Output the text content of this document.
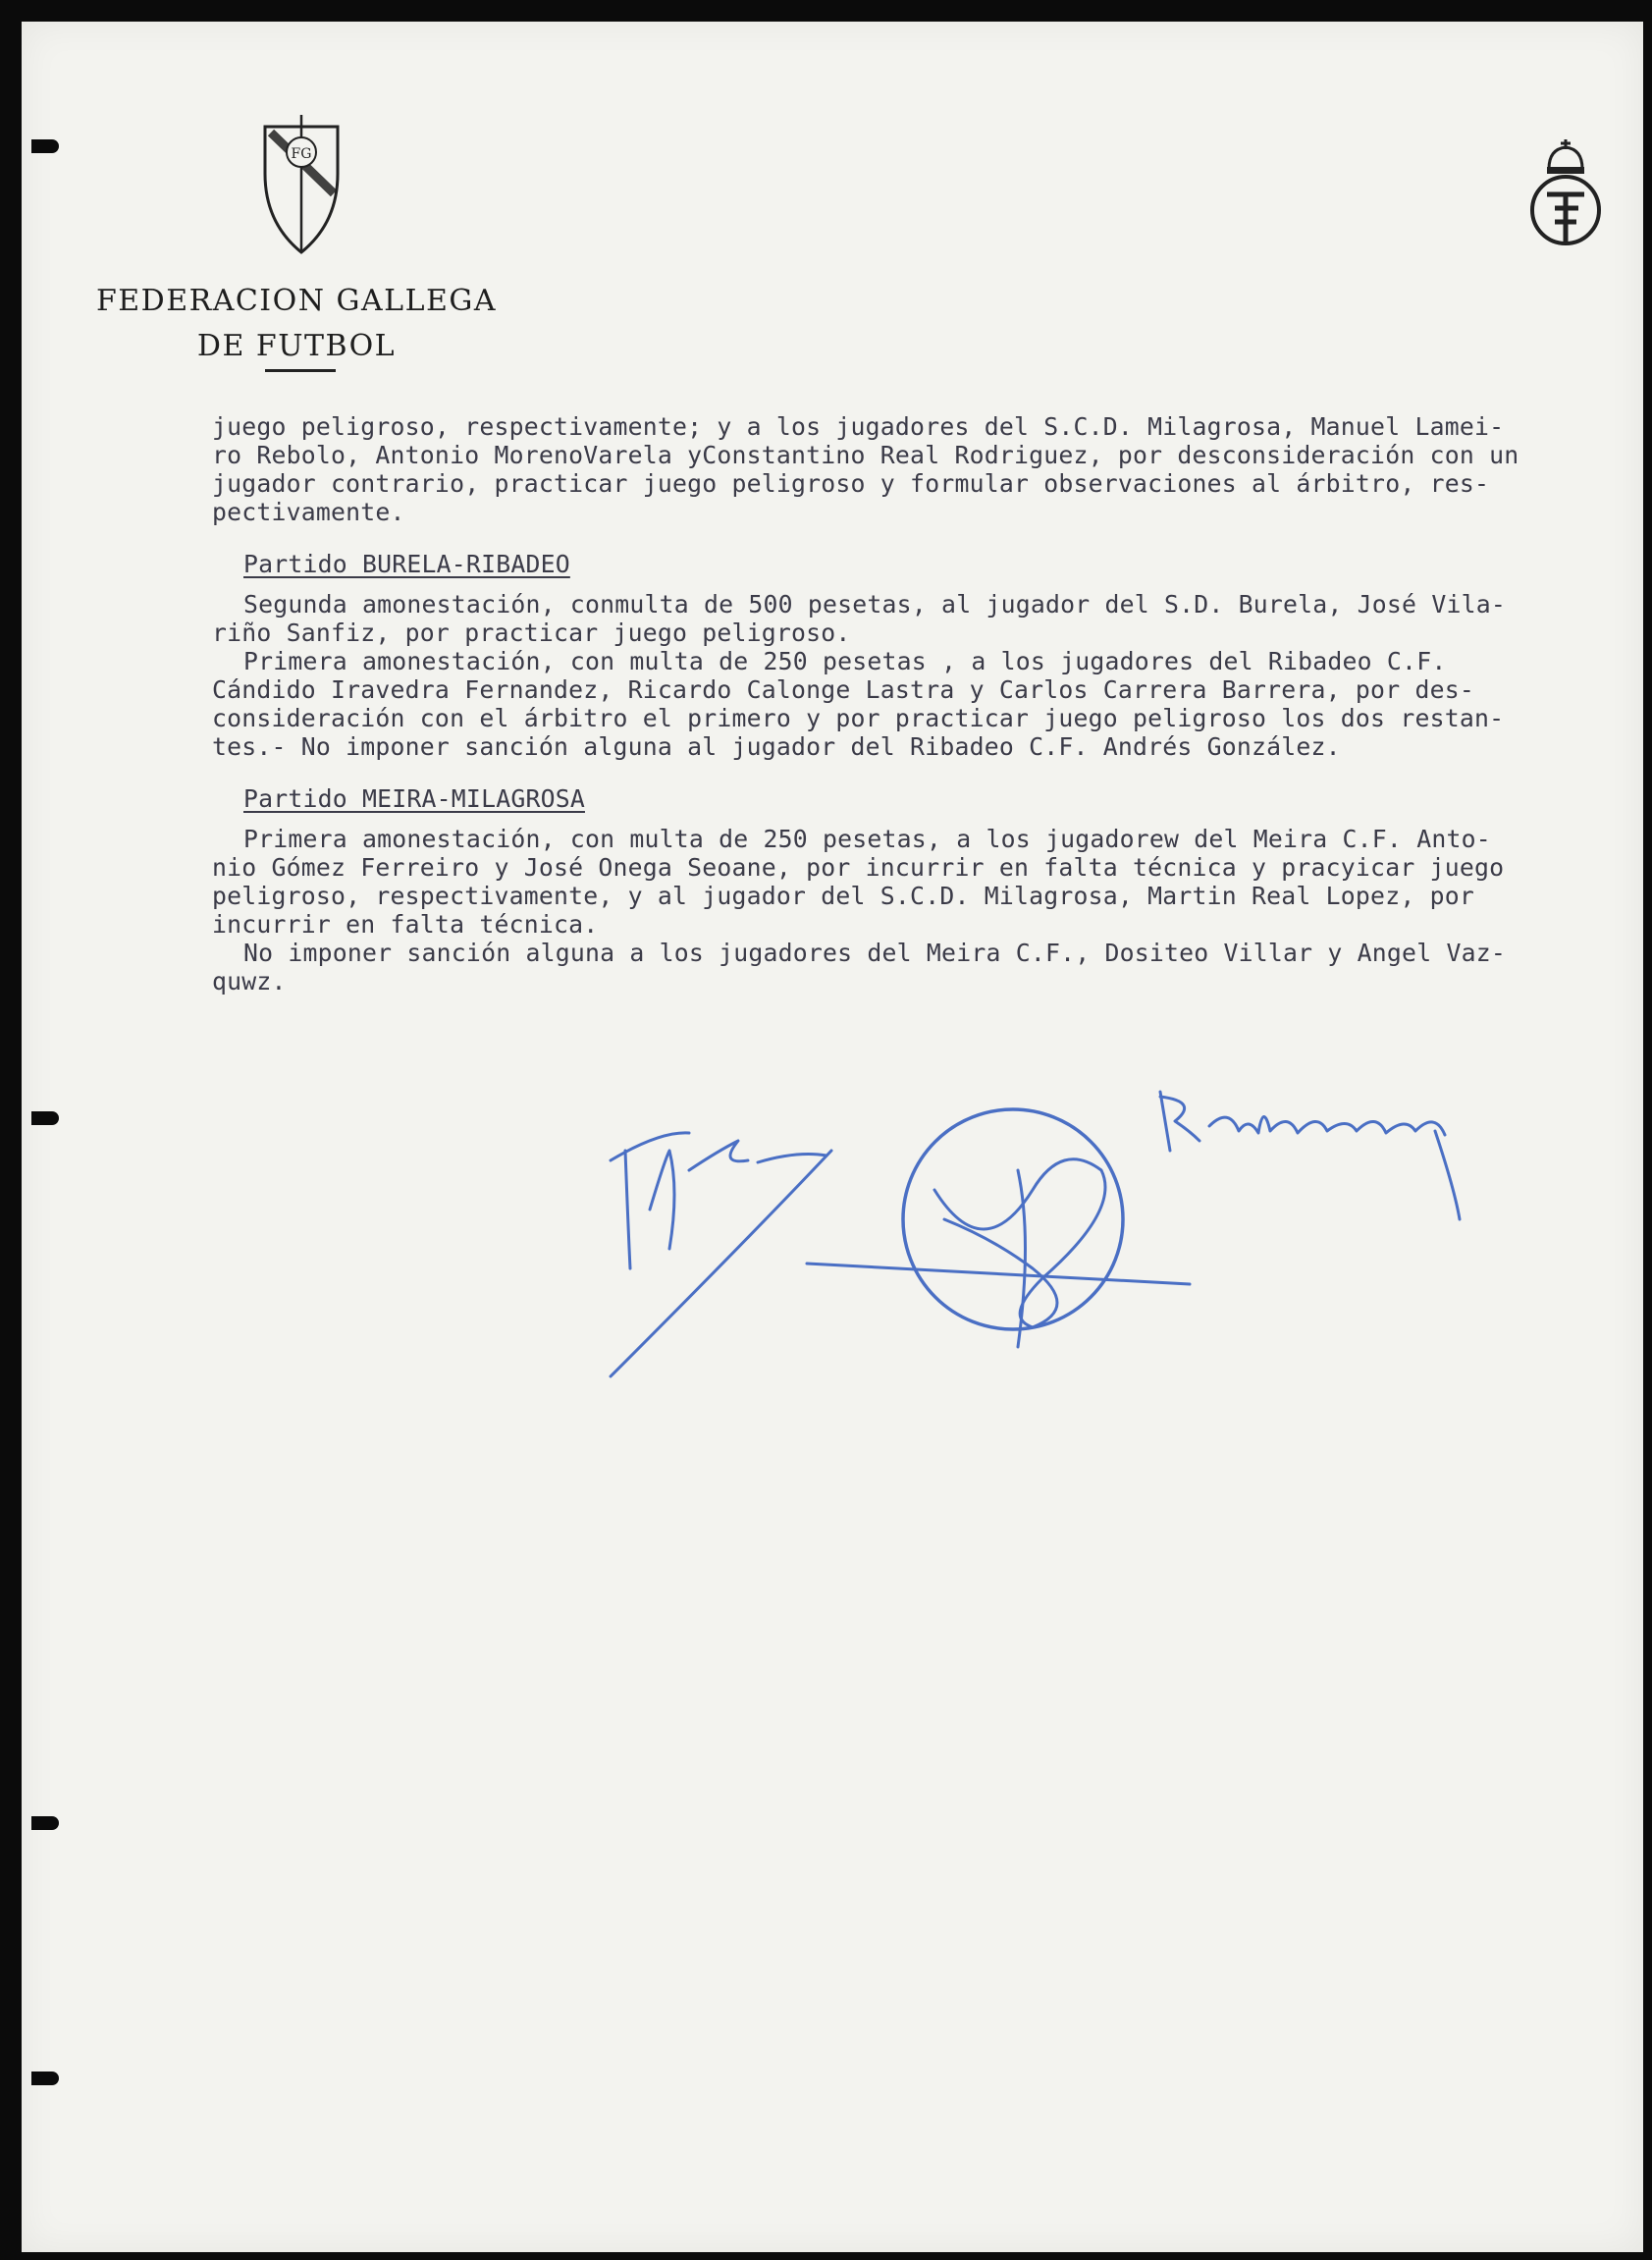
FG
FEDERACION GALLEGA
DE FUTBOL
juego peligroso, respectivamente; y a los jugadores del S.C.D. Milagrosa, Manuel Lamei-
ro Rebolo, Antonio MorenoVarela yConstantino Real Rodriguez, por desconsideración con un
jugador contrario, practicar juego peligroso y formular observaciones al árbitro, res-
pectivamente.
Partido BURELA-RIBADEO
Segunda amonestación, conmulta de 500 pesetas, al jugador del S.D. Burela, José Vila-
riño Sanfiz, por practicar juego peligroso.
Primera amonestación, con multa de 250 pesetas , a los jugadores del Ribadeo C.F.
Cándido Iravedra Fernandez, Ricardo Calonge Lastra y Carlos Carrera Barrera, por des-
consideración con el árbitro el primero y por practicar juego peligroso los dos restan-
tes.- No imponer sanción alguna al jugador del Ribadeo C.F. Andrés González.
Partido MEIRA-MILAGROSA
Primera amonestación, con multa de 250 pesetas, a los jugadorew del Meira C.F. Anto-
nio Gómez Ferreiro y José Onega Seoane, por incurrir en falta técnica y pracyicar juego
peligroso, respectivamente, y al jugador del S.C.D. Milagrosa, Martin Real Lopez, por
incurrir en falta técnica.
No imponer sanción alguna a los jugadores del Meira C.F., Dositeo Villar y Angel Vaz-
quwz.
